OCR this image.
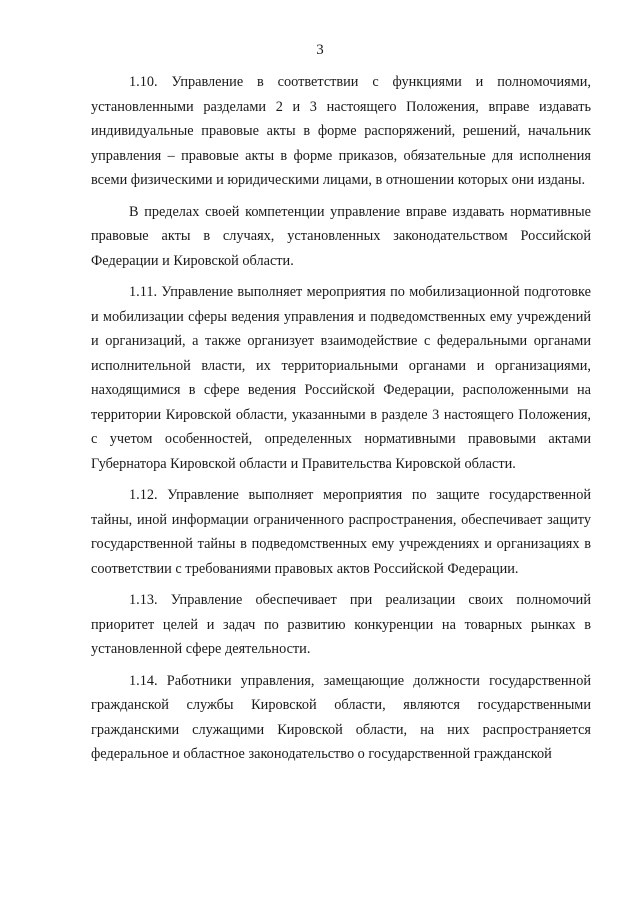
3

1.10. Управление в соответствии с функциями и полномочиями, установленными разделами 2 и 3 настоящего Положения, вправе издавать индивидуальные правовые акты в форме распоряжений, решений, начальник управления – правовые акты в форме приказов, обязательные для исполнения всеми физическими и юридическими лицами, в отношении которых они изданы.

В пределах своей компетенции управление вправе издавать нормативные правовые акты в случаях, установленных законодательством Российской Федерации и Кировской области.

1.11. Управление выполняет мероприятия по мобилизационной подготовке и мобилизации сферы ведения управления и подведомственных ему учреждений и организаций, а также организует взаимодействие с федеральными органами исполнительной власти, их территориальными органами и организациями, находящимися в сфере ведения Российской Федерации, расположенными на территории Кировской области, указанными в разделе 3 настоящего Положения, с учетом особенностей, определенных нормативными правовыми актами Губернатора Кировской области и Правительства Кировской области.

1.12. Управление выполняет мероприятия по защите государственной тайны, иной информации ограниченного распространения, обеспечивает защиту государственной тайны в подведомственных ему учреждениях и организациях в соответствии с требованиями правовых актов Российской Федерации.

1.13. Управление обеспечивает при реализации своих полномочий приоритет целей и задач по развитию конкуренции на товарных рынках в установленной сфере деятельности.

1.14. Работники управления, замещающие должности государственной гражданской службы Кировской области, являются государственными гражданскими служащими Кировской области, на них распространяется федеральное и областное законодательство о государственной гражданской
